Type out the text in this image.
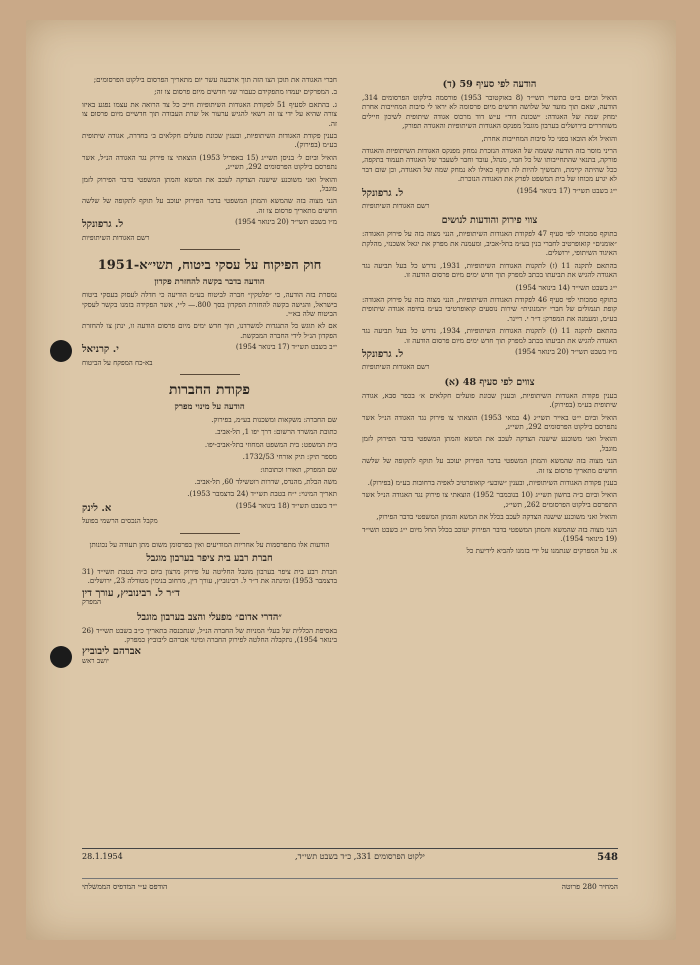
הודעה לפי סעיף 59 (ד)

הואיל וביום ב״ט בתשרי תשי״ד (8 באוקטובר 1953) פורסמה בילקוט הפרסומים 314, הודעה, שאם תוך מועד של שלושה חדשים מיום פרסומה לא יראו לי סיבות המחייבות אחרת ימחק שמה של האגודה: ״שכונת דוד״ ע״ש דוד מרכוס אגודה שיתופית לשיכון חיילים משוחררים בירושלים בערבון מוגבל מפנקס האגודות השיתופיות והאגודה תפורק,

והואיל ולא הובאו בפני כל סיבות המחייבות אחרת,

הריני מוסר בזה הודעה ששמה של האגודה הנזכרת נמחק מפנקס האגודות השיתופיות והאגודה פורקה, בתנאי שהתחייבותו של כל חבר, מנהל, עובד וחבר לשעבר של האגודה תעמוד בתקפה, ככל שהיתה קיימת, ותמשיך להיות לה תוקף כאילו לא נמחק שמה של האגודה, וכן שום דבר לא יגרע מכוחו של בית המשפט לפרק את האגודה הנזכרת.

י״ג בשבט תשי״ד (17 בינואר 1954)
ל. גרפונקל
רשם האגודות השיתופיות
צווי פירוק והודעות לנושים

בתוקף סמכותי לפי סעיף 47 לפקודת האגודות השיתופיות, הנני מצוה בזה על פירוק האגודה: ״אומנים״ קואופרטיב לחברי בנין בע״מ בתל-אביב, ומעמנה את מפרק את יגאל אשכנזי, מהלקת האיגוד השיתופי, ירושלים.

בהתאם לתקנה 11 (ז) לתקנות האגודות השיתופיות, 1931, נדרש כל בעל תביעה נגד האגודה להגיש את תביעתו בכתב למפרק תוך חדש ימים מיום פרסום הודעה זו.

י״ג בשבט תשי״ד (14 בינואר 1954)

בתוקף סמכותי לפי סעיף 46 לפקודת האגודות השיתופיות, הנני מצוה בזה על פירוק האגודה: קופת תגמולים של חברי ״המנונית״ שירות נוסעים קואופרטיבי בע״מ בחיפה אגודה שיתופית בע״מ, ומעמנה את המפרק: ד״ר י. ריינר.

בהתאם לתקנה 11 (ז) לתקנות האגודות השיתופיות, 1934, נדרש כל בעל תביעה נגד האגודה להגיש את תביעתו בכתב למפרק תוך חדש ימים מיום פרסום הודעה זו.

מ״ו בשבט תשי״ד (20 בינואר 1954)
ל. גרפונקל
רשם האגודות השיתופיות
צווים לפי סעיף 48 (א)

בענין פקודת האגודות השיתופיות, ובענין שכונת פועלים חקלאים א׳ בכפר סבא, אגודה שיתופית בע״מ (בפירוק).

הואיל וביום י״ט באייר תשי״ג (4 במאי 1953) הוצאתי צו פירוק נגד האגודה הנ״ל אשר נתפרסם בילקוט הפרסומים 292, תשי״ג,

והואיל ואני משוכנע שישנה הצדקה לעכב את המשא והמתן המשפטי בדבר הפירוק לזמן מוגבל,

הנני מצוה בזה שהמשא והמתן המשפטי בדבר הפירוק יעוכב על תוקף לתקופה של שלשה חדשים מתאריך פרסום צו זה.

בענין פקודת האגודות השיתופיות, ובענין ״שובע״ קואופרטיב לאפיה ברחובות בע״מ (בפירוק).

הואיל וביום כ״ה בחשון תשי״ג (10 בנובמבר 1952) הוצאתי צו פירוק נגד האגודה הנ״ל אשר התפרסם בילקוט הפרסומים 262, תשי״ג,

והואיל ואני משוכנע שישנה הצדקה לעכב בכלל את המשא והמתן המשפטי בדבר הפירוק,

הנני מצוה בזה שהמשא והמתן המשפטי בדבר הפירוק יעוכב בכלל החל מיום י״ג בשבט תשי״ד (19 בינואר 1954).

א. על המפרקים שנתמנו על ידי בזמנו להביא לידיעת כל

חברי האגודה את תוכן הצו הזה תוך ארבעה עשר יום מתאריך הפרסום בילקוט הפרסומים;

ב. המפרקים יעמדו מתפקידם כעבור שני חדשים מיום פרסום צו זה;

ג. בהתאם לסעיף 51 לפקודת האגודות השיתופיות חייב כל צד הרואה את עצמו נפגע באיזו צורה שהיא על ידי צו זה רשאי להגיש ערעור אל שרת העבודה תוך חדשיים מיום פרסום צו זה.

בענין פקודת האגודות השיתופיות, ובענין שכונת פועלים חקלאים ב׳ בחדרה, אגודה שיתופית בע״מ (בפירוק).

הואיל וביום ל׳ בניסן תשי״ג (15 באפריל 1953) הוצאתי צו פירוק נגד האגודה הנ״ל, אשר נתפרסם בילקוט הפרסומים 292, תשי״ג,

והואיל ואני משוכנע שישנה הצדקה לעכב את המשא והמתן המשפטי בדבר הפירוק לזמן מוגבל,

הנני מצוה בזה שהמשא והמתן המשפטי בדבר הפירוק יעוכב על תוקף לתקופה של שלשה חדשים מתאריך פרסום צו זה.

מ״ו בשבט תשי״ד (20 בינואר 1954)
ל. גרפונקל
רשם האגודות השיתופיות
חוק הפיקוח על עסקי ביטוח, תשי״א-1951
הודעה בדבר בקשה להחזרת פקדון

נמסרת בזה הודעה, כי ״פלטקין״ חברה לביטוח בע״מ הודיעה כי חדלה לעסוק בעסקי ביטוח בישראל, והגישה בקשה להחזרת הפקדון בסך 800.‏— ל״י, אשר הפקידה בזמנו בקשר לעסקי הביטוח שלה בא״י.

אם לא תוגש כל התנגדות למשרדנו, תוך חדש ימים מיום פרסום הודעה זו, ינתן צו להחזרת הפקדון הנ״ל לידי החברה המבקשת.

י״ב בשבט תשי״ד (17 בינואר 1954)
י. קרניאל
בא-כח המפקח על הביטוח
פקודת החברות
הודעה על מינוי מפרק

שם החברה: משקאות ומשכנות בע״מ, בפירוק.

כתובת המשרד הרשום: דרך יפו 1, תל-אביב.

בית המשפט: בית המשפט המחוזי בתל-אביב-יפו.

מספר תיק: תיק אזרחי 1732/53.

שם המפרק, תאורו וכתובתו:

משה הבלת, מהנדס, שדרות רוטשילד 60, תל-אביב.

תאריך המינוי: י״ח בטבת תשי״ד (24 בדצמבר 1953).

י״ד בשבט תשי״ד (18 בינואר 1954)
א. לינק
מקבל הנכסים הרשמי בפועל

הודעות אלו מתפרסמות על אחריות המודיעים ואין בפרסומן משום מתן תעודה על נכונותן

חברת רבע בית ציפר בערבון מוגבל

חברת רבע בית ציפר בערבון מוגבל החליטה על פירוק מרצון ביום כ״ה בטבת תשי״ד (31 בדצמבר 1953) ומינתה את ד״ר ל. רבינוביץ, עורך דין, מרחוב בנימין מטודלה 23, ירושלים.

ד״ר ל. רבינוביץ, עורך דין
המפרק
״הדרי אדום״ מפעלי והצב בערבון מוגבל

באסיפת הכללית של בעלי המניות של החברה הנ״ל, שנתכנסה בתאריך כ״ב בשבט תשי״ד (26 בינואר 1954), נתקבלה החלטה לפירוק החברה ומינוי אברהם ליבוביץ כמפרק.

אברהם ליבוביץ
יושב ראש
548
ילקוט הפרסומים 331, כ״ד בשבט תשי״ד,
28.1.1954
המחיר 280 פרוטה
הודפס ע״י המדפיס הממשלתי
